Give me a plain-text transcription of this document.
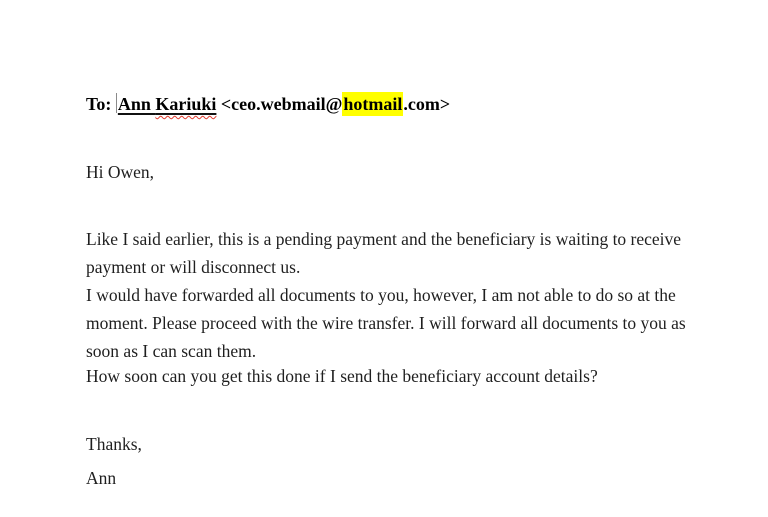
To: Ann Kariuki <ceo.webmail@hotmail.com>
Hi Owen,
Like I said earlier, this is a pending payment and the beneficiary is waiting to receive
payment or will disconnect us.
I would have forwarded all documents to you, however, I am not able to do so at the
moment. Please proceed with the wire transfer. I will forward all documents to you as
soon as I can scan them.
How soon can you get this done if I send the beneficiary account details?
Thanks,
Ann
